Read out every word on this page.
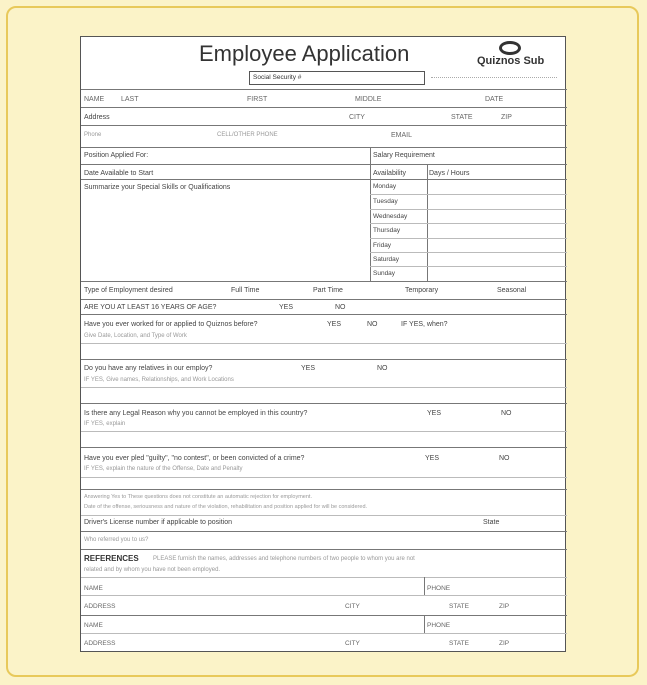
Employee Application	Quiznos Sub
Social Security #
NAME LAST	FIRST	MIDDLE	DATE
Address	CITY	STATE	ZIP
Phone	CELL/OTHER PHONE	EMAIL
Position Applied For:	Salary Requirement
Date Available to Start	Availability	Days / Hours
Summarize your Special Skills or Qualifications	Monday
Tuesday
Wednesday
Thursday
Friday
Saturday
Sunday
Type of Employment desired	Full Time	Part Time	Temporary	Seasonal
ARE YOU AT LEAST 16 YEARS OF AGE?	YES	NO
Have you ever worked for or applied to Quiznos before?	YES	NO	IF YES, when?
Give Date, Location, and Type of Work
Do you have any relatives in our employ?	YES	NO
IF YES, Give names, Relationships, and Work Locations
Is there any Legal Reason why you cannot be employed in this country?	YES	NO
IF YES, explain
Have you ever pled "guilty", "no contest", or been convicted of a crime?	YES	NO
IF YES, explain the nature of the Offense, Date and Penalty
Answering Yes to These questions does not constitute an automatic rejection for employment.
Date of the offense, seriousness and nature of the violation, rehabilitation and position applied for will be considered.
Driver's License number if applicable to position	State
Who referred you to us?
REFERENCES PLEASE furnish the names, addresses and telephone numbers of two people to whom you are not
related and by whom you have not been employed.
NAME	PHONE
ADDRESS	CITY	STATE	ZIP
NAME	PHONE
ADDRESS	CITY	STATE	ZIP
